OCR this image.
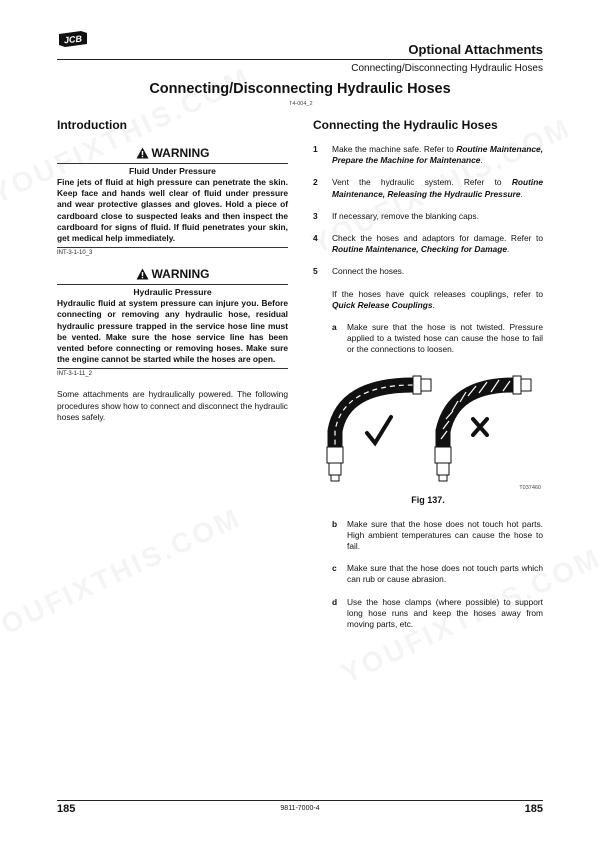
JCB
Optional Attachments
Connecting/Disconnecting Hydraulic Hoses
Connecting/Disconnecting Hydraulic Hoses
T4-004_2
Introduction
WARNING
Fluid Under Pressure
Fine jets of fluid at high pressure can penetrate the skin. Keep face and hands well clear of fluid under pressure and wear protective glasses and gloves. Hold a piece of cardboard close to suspected leaks and then inspect the cardboard for signs of fluid. If fluid penetrates your skin, get medical help immediately.
INT-3-1-10_3
WARNING
Hydraulic Pressure
Hydraulic fluid at system pressure can injure you. Before connecting or removing any hydraulic hose, residual hydraulic pressure trapped in the service hose line must be vented. Make sure the hose service line has been vented before connecting or removing hoses. Make sure the engine cannot be started while the hoses are open.
INT-3-1-11_2
Some attachments are hydraulically powered. The following procedures show how to connect and disconnect the hydraulic hoses safely.
Connecting the Hydraulic Hoses
1	Make the machine safe. Refer to Routine Maintenance, Prepare the Machine for Maintenance.
2	Vent the hydraulic system. Refer to Routine Maintenance, Releasing the Hydraulic Pressure.
3	If necessary, remove the blanking caps.
4	Check the hoses and adaptors for damage. Refer to Routine Maintenance, Checking for Damage.
5	Connect the hoses.
If the hoses have quick releases couplings, refer to Quick Release Couplings.
a	Make sure that the hose is not twisted. Pressure applied to a twisted hose can cause the hose to fail or the connections to loosen.
T037460
Fig 137.
b	Make sure that the hose does not touch hot parts. High ambient temperatures can cause the hose to fail.
c	Make sure that the hose does not touch parts which can rub or cause abrasion.
d	Use the hose clamps (where possible) to support long hose runs and keep the hoses away from moving parts, etc.
185	9811-7000-4	185
